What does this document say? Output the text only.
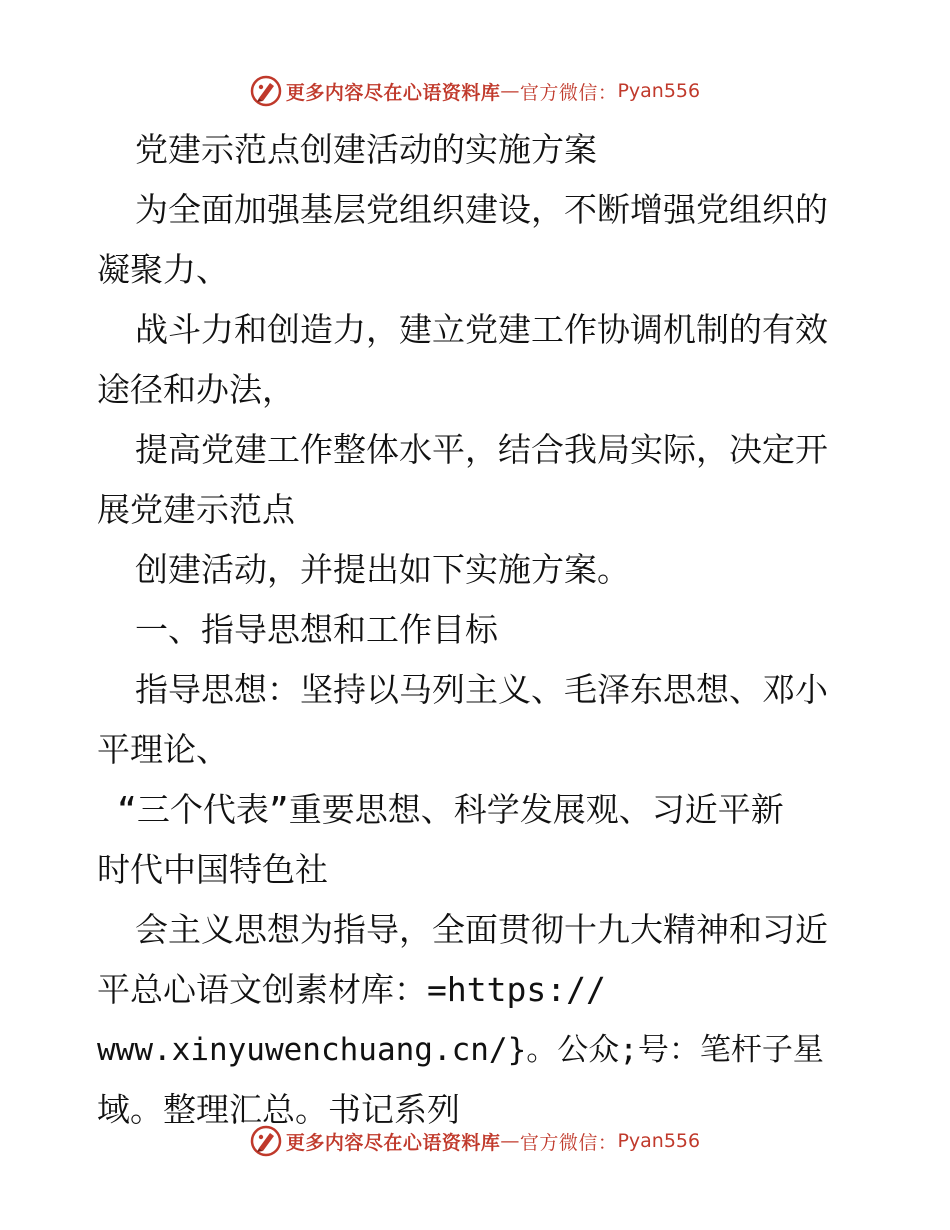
更多内容尽在心语资料库 — 官方微信： Pyan556
党建示范点创建活动的实施方案
为全面加强基层党组织建设，不断增强党组织的
凝聚力、
战斗力和创造力，建立党建工作协调机制的有效
途径和办法，
提高党建工作整体水平，结合我局实际，决定开
展党建示范点
创建活动，并提出如下实施方案。
一、指导思想和工作目标
指导思想：坚持以马列主义、毛泽东思想、邓小
平理论、
“三个代表”重要思想、科学发展观、习近平新
时代中国特色社
会主义思想为指导，全面贯彻十九大精神和习近
平总心语文创素材库：=https://
www.xinyuwenchuang.cn/}。公众;号：笔杆子星
域。整理汇总。书记系列
更多内容尽在心语资料库 — 官方微信： Pyan556
